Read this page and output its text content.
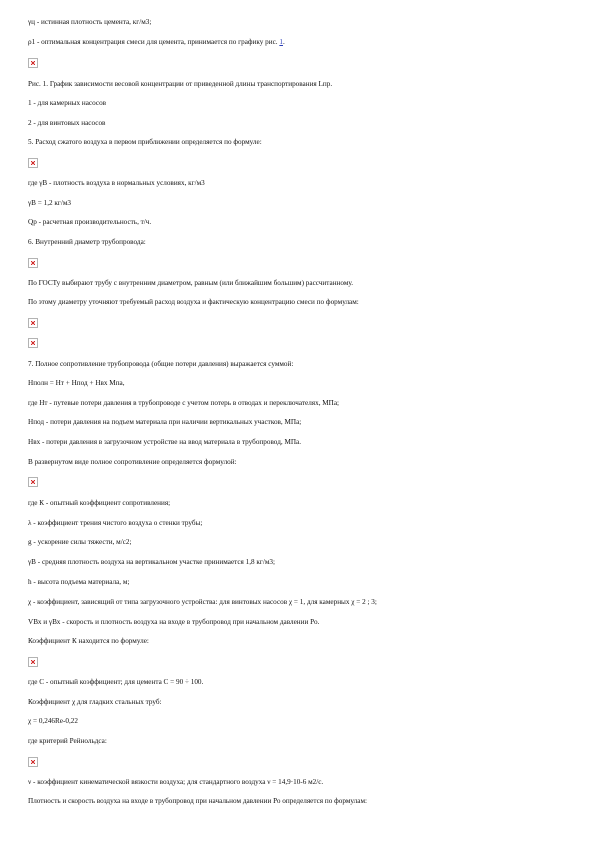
γц - истинная плотность цемента, кг/м3;
ρ1 - оптимальная концентрация смеси для цемента, принимается по графику рис. 1.
Рис. 1. График зависимости весовой концентрации от приведенной длины транспортирования Lпр.
1 - для камерных насосов
2 - для винтовых насосов
5. Расход сжатого воздуха в первом приближении определяется по формуле:
где γВ - плотность воздуха в нормальных условиях, кг/м3
γВ = 1,2 кг/м3
Qр - расчетная производительность, т/ч.
6. Внутренний диаметр трубопровода:
По ГОСТу выбирают трубу с внутренним диаметром, равным (или ближайшим большим) рассчитанному.
По этому диаметру уточняют требуемый расход воздуха и фактическую концентрацию смеси по формулам:
7. Полное сопротивление трубопровода (общие потери давления) выражается суммой:
Нполн = Нт + Нпод + Нвх Мпа,
где Нт - путевые потери давления в трубопроводе с учетом потерь в отводах и переключателях, МПа;
Нпод - потери давления на подъем материала при наличии вертикальных участков, МПа;
Нвх - потери давления в загрузочном устройстве на ввод материала в трубопровод, МПа.
В развернутом виде полное сопротивление определяется формулой:
где К - опытный коэффициент сопротивления;
λ - коэффициент трения чистого воздуха о стенки трубы;
g - ускорение силы тяжести, м/с2;
γВ - средняя плотность воздуха на вертикальном участке принимается 1,8 кг/м3;
h - высота подъема материала, м;
χ - коэффициент, зависящий от типа загрузочного устройства: для винтовых насосов χ = 1, для камерных χ = 2 ; 3;
VВх и γВх - скорость и плотность воздуха на входе в трубопровод при начальном давлении Ро.
Коэффициент К находится по формуле:
где С - опытный коэффициент; для цемента С = 90 ÷ 100.
Коэффициент χ для гладких стальных труб:
χ = 0,246Re-0,22
где критерий Рейнольдса:
ν - коэффициент кинематической вязкости воздуха; для стандартного воздуха ν = 14,9·10-6 м2/с.
Плотность и скорость воздуха на входе в трубопровод при начальном давлении Ро определяется по формулам:
